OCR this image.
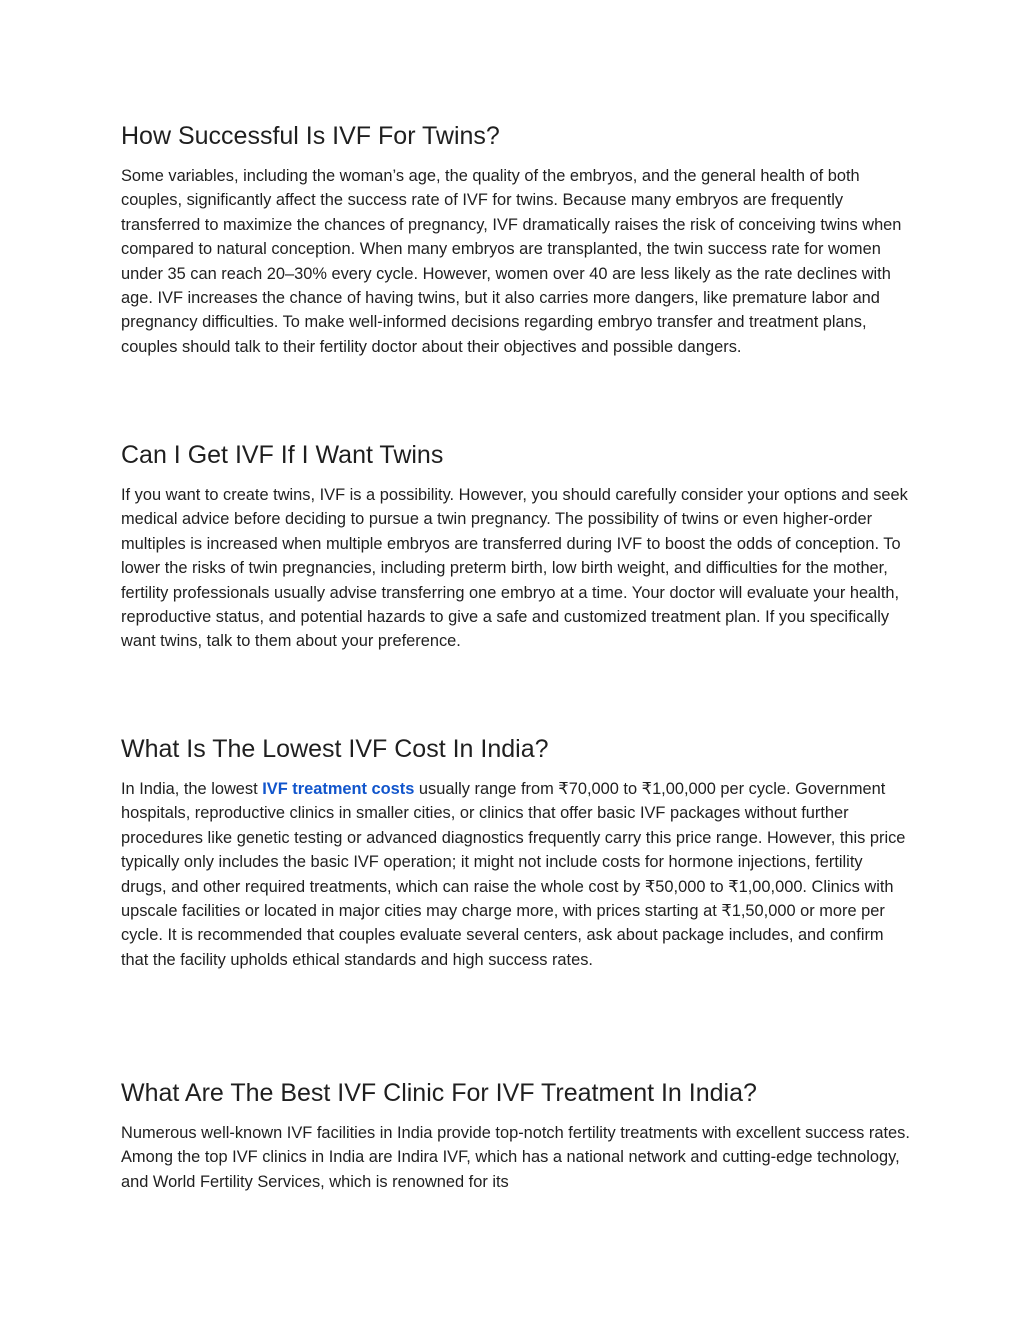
How Successful Is IVF For Twins?

Some variables, including the woman’s age, the quality of the embryos, and the general health of both couples, significantly affect the success rate of IVF for twins. Because many embryos are frequently transferred to maximize the chances of pregnancy, IVF dramatically raises the risk of conceiving twins when compared to natural conception. When many embryos are transplanted, the twin success rate for women under 35 can reach 20–30% every cycle. However, women over 40 are less likely as the rate declines with age. IVF increases the chance of having twins, but it also carries more dangers, like premature labor and pregnancy difficulties. To make well-informed decisions regarding embryo transfer and treatment plans, couples should talk to their fertility doctor about their objectives and possible dangers.

Can I Get IVF If I Want Twins

If you want to create twins, IVF is a possibility. However, you should carefully consider your options and seek medical advice before deciding to pursue a twin pregnancy. The possibility of twins or even higher-order multiples is increased when multiple embryos are transferred during IVF to boost the odds of conception. To lower the risks of twin pregnancies, including preterm birth, low birth weight, and difficulties for the mother, fertility professionals usually advise transferring one embryo at a time. Your doctor will evaluate your health, reproductive status, and potential hazards to give a safe and customized treatment plan. If you specifically want twins, talk to them about your preference.

What Is The Lowest IVF Cost In India?

In India, the lowest IVF treatment costs usually range from ₹70,000 to ₹1,00,000 per cycle. Government hospitals, reproductive clinics in smaller cities, or clinics that offer basic IVF packages without further procedures like genetic testing or advanced diagnostics frequently carry this price range. However, this price typically only includes the basic IVF operation; it might not include costs for hormone injections, fertility drugs, and other required treatments, which can raise the whole cost by ₹50,000 to ₹1,00,000. Clinics with upscale facilities or located in major cities may charge more, with prices starting at ₹1,50,000 or more per cycle. It is recommended that couples evaluate several centers, ask about package includes, and confirm that the facility upholds ethical standards and high success rates.

What Are The Best IVF Clinic For IVF Treatment In India?

Numerous well-known IVF facilities in India provide top-notch fertility treatments with excellent success rates. Among the top IVF clinics in India are Indira IVF, which has a national network and cutting-edge technology, and World Fertility Services, which is renowned for its
